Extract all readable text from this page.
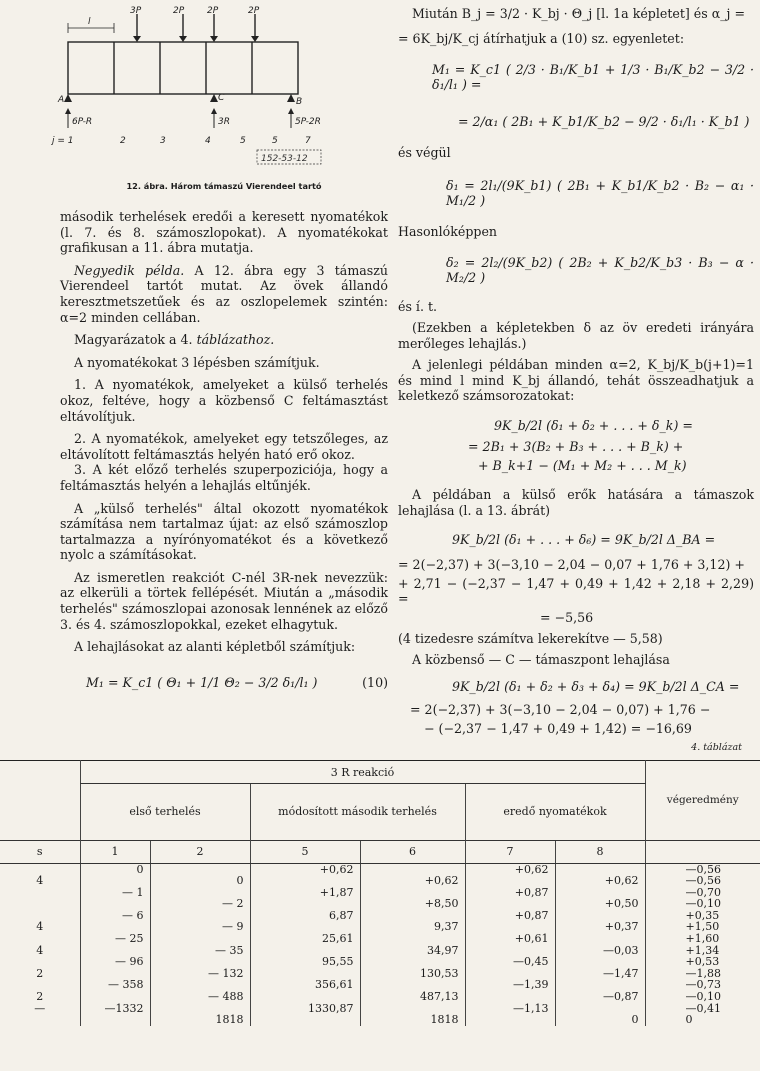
l
3P	2P	2P	2P
A	C	B
6P-R	3R	5P-2R
j = 1	2	3	4	5	5	7
152-53-12
12. ábra. Három támaszú Vierendeel tartó

második terhelések eredői a keresett nyomatékok (l. 7. és 8. számoszlopokat). A nyomatékokat grafikusan a 11. ábra mutatja.

Negyedik példa. A 12. ábra egy 3 támaszú Vierendeel tartót mutat. Az övek állandó keresztmetszetűek és az oszlopelemek szintén: α=2 minden cellában.

Magyarázatok a 4. táblázathoz.

A nyomatékokat 3 lépésben számítjuk.

1. A nyomatékok, amelyeket a külső terhelés okoz, feltéve, hogy a közbenső C feltámasztást eltávolítjuk.

2. A nyomatékok, amelyeket egy tetszőleges, az eltávolított feltámasztás helyén ható erő okoz.

3. A két előző terhelés szuperpoziciója, hogy a feltámasztás helyén a lehajlás eltűnjék.

A „külső terhelés" által okozott nyomatékok számítása nem tartalmaz újat: az első számoszlop tartalmazza a nyírónyomatékot és a következő nyolc a számításokat.

Az ismeretlen reakciót C-nél 3R-nek nevezzük: az elkerüli a törtek fellépését. Miután a „második terhelés" számoszlopai azonosak lennének az előző 3. és 4. számoszlopokkal, ezeket elhagytuk.

A lehajlásokat az alanti képletből számítjuk:

M₁ = K_c1 ( Θ₁ + 1/1 Θ₂ − 3/2 δ₁/l₁ )	(10)

Miután B_j = 3/2 · K_bj · Θ_j [l. 1a képletet] és α_j =

= 6K_bj/K_cj átírhatjuk a (10) sz. egyenletet:

M₁ = K_c1 ( 2/3 · B₁/K_b1 + 1/3 · B₁/K_b2 − 3/2 · δ₁/l₁ ) =

= 2/α₁ ( 2B₁ + K_b1/K_b2 − 9/2 · δ₁/l₁ · K_b1 )

és végül

δ₁ = 2l₁/(9K_b1) ( 2B₁ + K_b1/K_b2 · B₂ − α₁ · M₁/2 )

Hasonlóképpen

δ₂ = 2l₂/(9K_b2) ( 2B₂ + K_b2/K_b3 · B₃ − α · M₂/2 )

és í. t.

(Ezekben a képletekben δ az öv eredeti irányára merőleges lehajlás.)

A jelenlegi példában minden α=2, K_bj/K_b(j+1)=1 és mind l mind K_bj állandó, tehát összeadhatjuk a keletkező számsorozatokat:

9K_b/2l (δ₁ + δ₂ + . . . + δ_k) =

= 2B₁ + 3(B₂ + B₃ + . . . + B_k) +

+ B_k+1 − (M₁ + M₂ + . . . M_k)

A példában a külső erők hatására a támaszok lehajlása (l. a 13. ábrát)

9K_b/2l (δ₁ + . . . + δ₆) = 9K_b/2l Δ_BA =

= 2(−2,37) + 3(−3,10 − 2,04 − 0,07 + 1,76 + 3,12) +

+ 2,71 − (−2,37 − 1,47 + 0,49 + 1,42 + 2,18 + 2,29) =

= −5,56

(4 tizedesre számítva lekerekítve — 5,58)

A közbenső — C — támaszpont lehajlása

9K_b/2l (δ₁ + δ₂ + δ₃ + δ₄) = 9K_b/2l Δ_CA =

= 2(−2,37) + 3(−3,10 − 2,04 − 0,07) + 1,76 −

− (−2,37 − 1,47 + 0,49 + 1,42) = −16,69

4. táblázat
	3 R reakció						végeredmény
	első terhelés		módosított második terhelés		eredő nyomatékok		
s	1	2	5	6	7	8	
	0		+0,62		+0,62		—0,56
4		0		+0,62		+0,62	—0,56
	— 1		+1,87		+0,87		—0,70
		— 2		+8,50		+0,50	—0,10
	— 6		6,87		+0,87		+0,35
4		— 9		9,37		+0,37	+1,50
	— 25		25,61		+0,61		+1,60
4		— 35		34,97		—0,03	+1,34
	— 96		95,55		—0,45		+0,53
2		— 132		130,53		—1,47	—1,88
	— 358		356,61		—1,39		—0,73
2		— 488		487,13		—0,87	—0,10
—	—1332		1330,87		—1,13		—0,41
		1818		1818		0	0
